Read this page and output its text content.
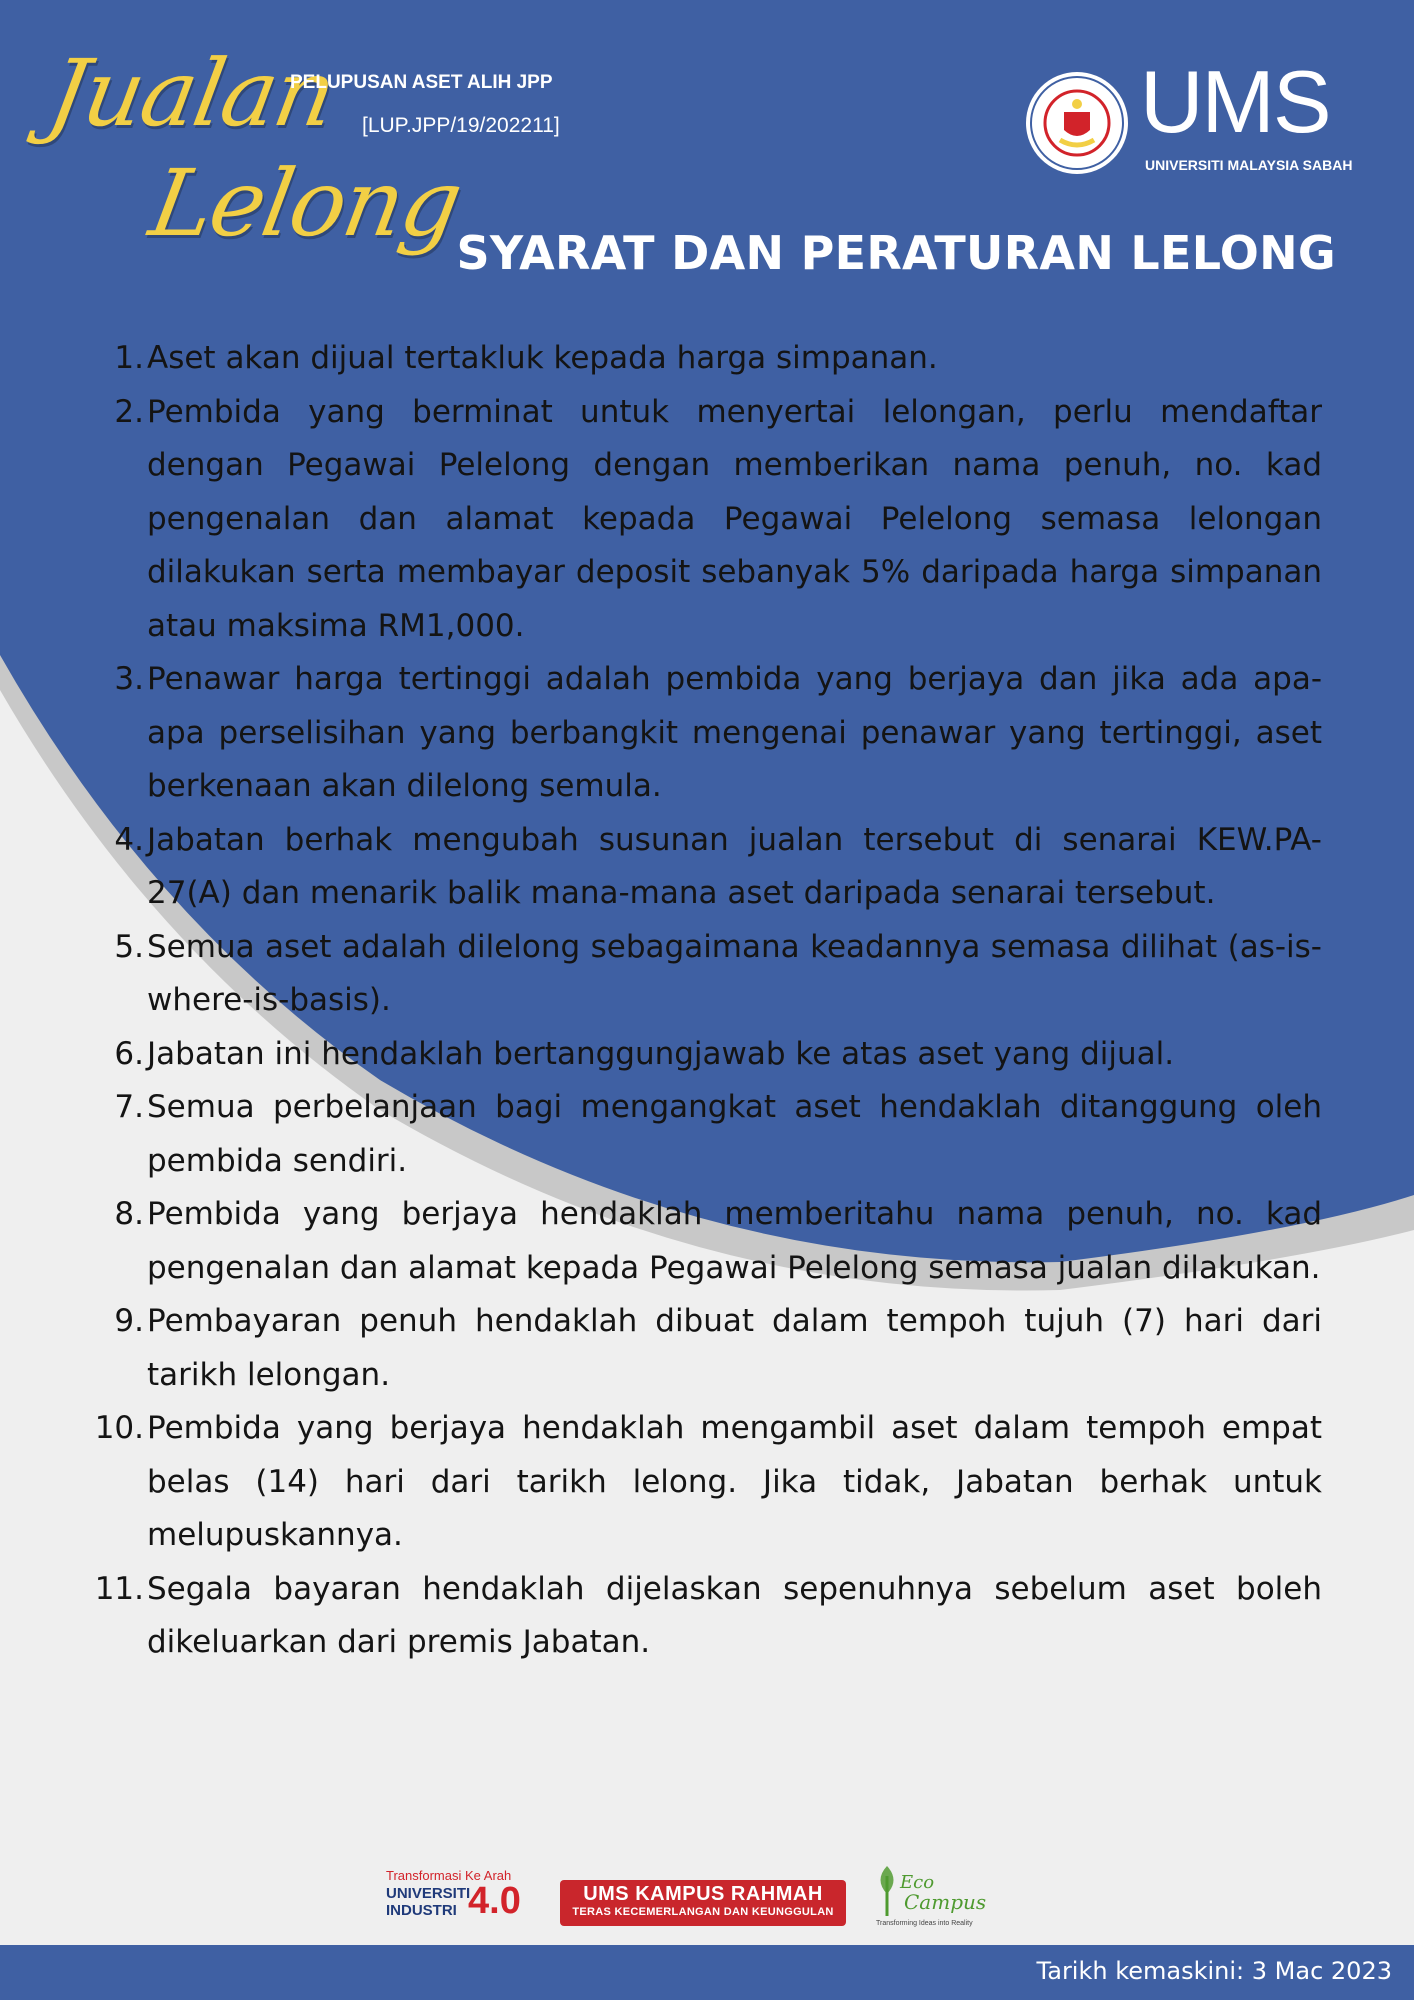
Jualan
Lelong
PELUPUSAN ASET ALIH JPP
[LUP.JPP/19/202211]	UMS
UNIVERSITI MALAYSIA SABAH
SYARAT DAN PERATURAN LELONG
1. Aset akan dijual tertakluk kepada harga simpanan.
2. Pembida yang berminat untuk menyertai lelongan, perlu mendaftar dengan Pegawai Pelelong dengan memberikan nama penuh, no. kad pengenalan dan alamat kepada Pegawai Pelelong semasa lelongan dilakukan serta membayar deposit sebanyak 5% daripada harga simpanan atau maksima RM1,000.
3. Penawar harga tertinggi adalah pembida yang berjaya dan jika ada apa-apa perselisihan yang berbangkit mengenai penawar yang tertinggi, aset berkenaan akan dilelong semula.
4. Jabatan berhak mengubah susunan jualan tersebut di senarai KEW.PA-27(A) dan menarik balik mana-mana aset daripada senarai tersebut.
5. Semua aset adalah dilelong sebagaimana keadannya semasa dilihat (as-is-where-is-basis).
6. Jabatan ini hendaklah bertanggungjawab ke atas aset yang dijual.
7. Semua perbelanjaan bagi mengangkat aset hendaklah ditanggung oleh pembida sendiri.
8. Pembida yang berjaya hendaklah memberitahu nama penuh, no. kad pengenalan dan alamat kepada Pegawai Pelelong semasa jualan dilakukan.
9. Pembayaran penuh hendaklah dibuat dalam tempoh tujuh (7) hari dari tarikh lelongan.
10. Pembida yang berjaya hendaklah mengambil aset dalam tempoh empat belas (14) hari dari tarikh lelong. Jika tidak, Jabatan berhak untuk melupuskannya.
11. Segala bayaran hendaklah dijelaskan sepenuhnya sebelum aset boleh dikeluarkan dari premis Jabatan.
Transformasi Ke Arah
UNIVERSITI
INDUSTRI 4.0	UMS KAMPUS RAHMAH
TERAS KECEMERLANGAN DAN KEUNGGULAN
Eco
Campus
Transforming Ideas into Reality
Tarikh kemaskini: 3 Mac 2023
